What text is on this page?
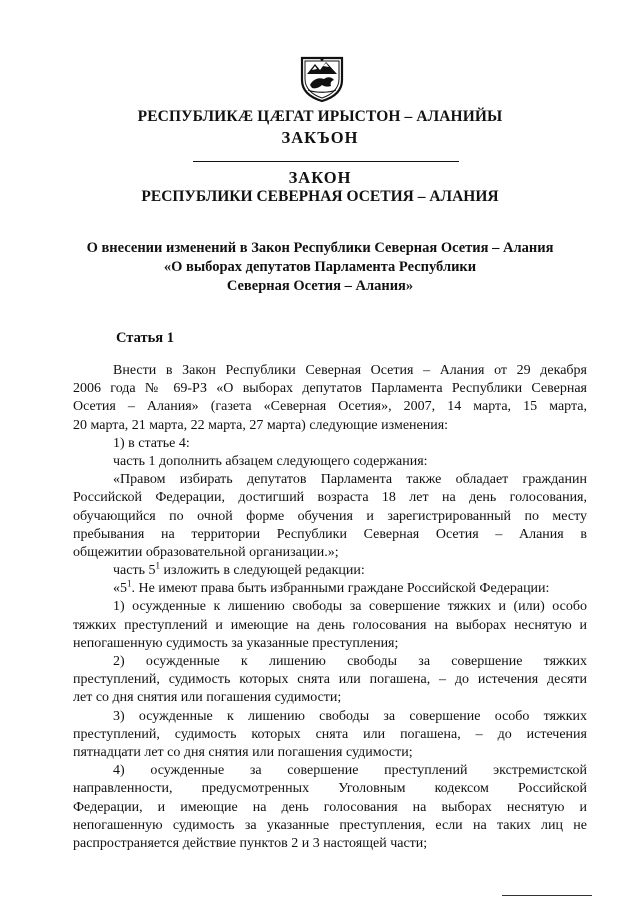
РЕСПУБЛИКÆ ЦÆГАТ ИРЫСТОН – АЛАНИЙЫ
ЗАКЪОН
ЗАКОН
РЕСПУБЛИКИ СЕВЕРНАЯ ОСЕТИЯ – АЛАНИЯ
О внесении изменений в Закон Республики Северная Осетия – Алания
«О выборах депутатов Парламента Республики
Северная Осетия – Алания»
Статья 1
Внести в Закон Республики Северная Осетия – Алания от 29 декабря
2006 года № 69-РЗ «О выборах депутатов Парламента Республики Северная
Осетия – Алания» (газета «Северная Осетия», 2007, 14 марта, 15 марта,
20 марта, 21 марта, 22 марта, 27 марта) следующие изменения:
1) в статье 4:
часть 1 дополнить абзацем следующего содержания:
«Правом избирать депутатов Парламента также обладает гражданин
Российской Федерации, достигший возраста 18 лет на день голосования,
обучающийся по очной форме обучения и зарегистрированный по месту
пребывания на территории Республики Северная Осетия – Алания в
общежитии образовательной организации.»;
часть $5^1$ изложить в следующей редакции:
«$5^1$. Не имеют права быть избранными граждане Российской Федерации:
1) осужденные к лишению свободы за совершение тяжких и (или) особо
тяжких преступлений и имеющие на день голосования на выборах неснятую и
непогашенную судимость за указанные преступления;
2) осужденные к лишению свободы за совершение тяжких
преступлений, судимость которых снята или погашена, – до истечения десяти
лет со дня снятия или погашения судимости;
3) осужденные к лишению свободы за совершение особо тяжких
преступлений, судимость которых снята или погашена, – до истечения
пятнадцати лет со дня снятия или погашения судимости;
4) осужденные за совершение преступлений экстремистской
направленности, предусмотренных Уголовным кодексом Российской
Федерации, и имеющие на день голосования на выборах неснятую и
непогашенную судимость за указанные преступления, если на таких лиц не
распространяется действие пунктов 2 и 3 настоящей части;
